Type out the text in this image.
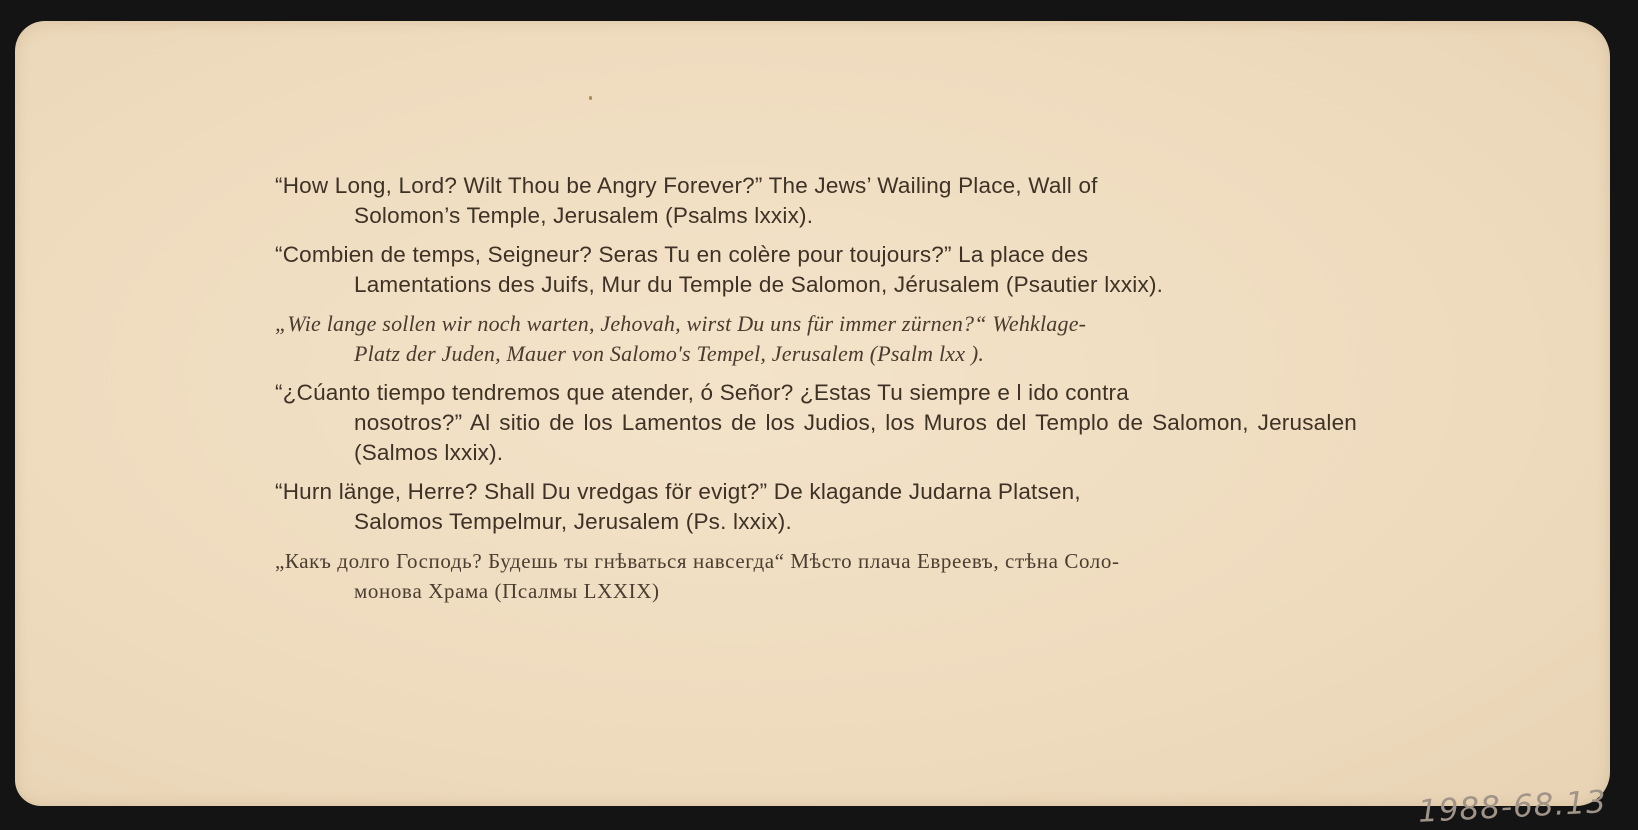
“How Long, Lord? Wilt Thou be Angry Forever?” The Jews’ Wailing Place, Wall of
Solomon’s Temple, Jerusalem (Psalms lxxix).

“Combien de temps, Seigneur? Seras Tu en colère pour toujours?” La place des
Lamentations des Juifs, Mur du Temple de Salomon, Jérusalem (Psautier lxxix).

„Wie lange sollen wir noch warten, Jehovah, wirst Du uns für immer zürnen?“ Wehklage-
Platz der Juden, Mauer von Salomo's Tempel, Jerusalem (Psalm lxx ).

“¿Cúanto tiempo tendremos que atender, ó Señor? ¿Estas Tu siempre e l ido contra
nosotros?” Al sitio de los Lamentos de los Judios, los Muros del Templo de Salomon, Jerusalen (Salmos lxxix).

“Hurn länge, Herre? Shall Du vredgas för evigt?” De klagande Judarna Platsen,
Salomos Tempelmur, Jerusalem (Ps. lxxix).

„Какъ долго Господь? Будешь ты гнѣваться навсегда“ Мѣсто плача Евреевъ, стѣна Соло-
моновa Храма (Псалмы LXXIX)

1988-68.13
